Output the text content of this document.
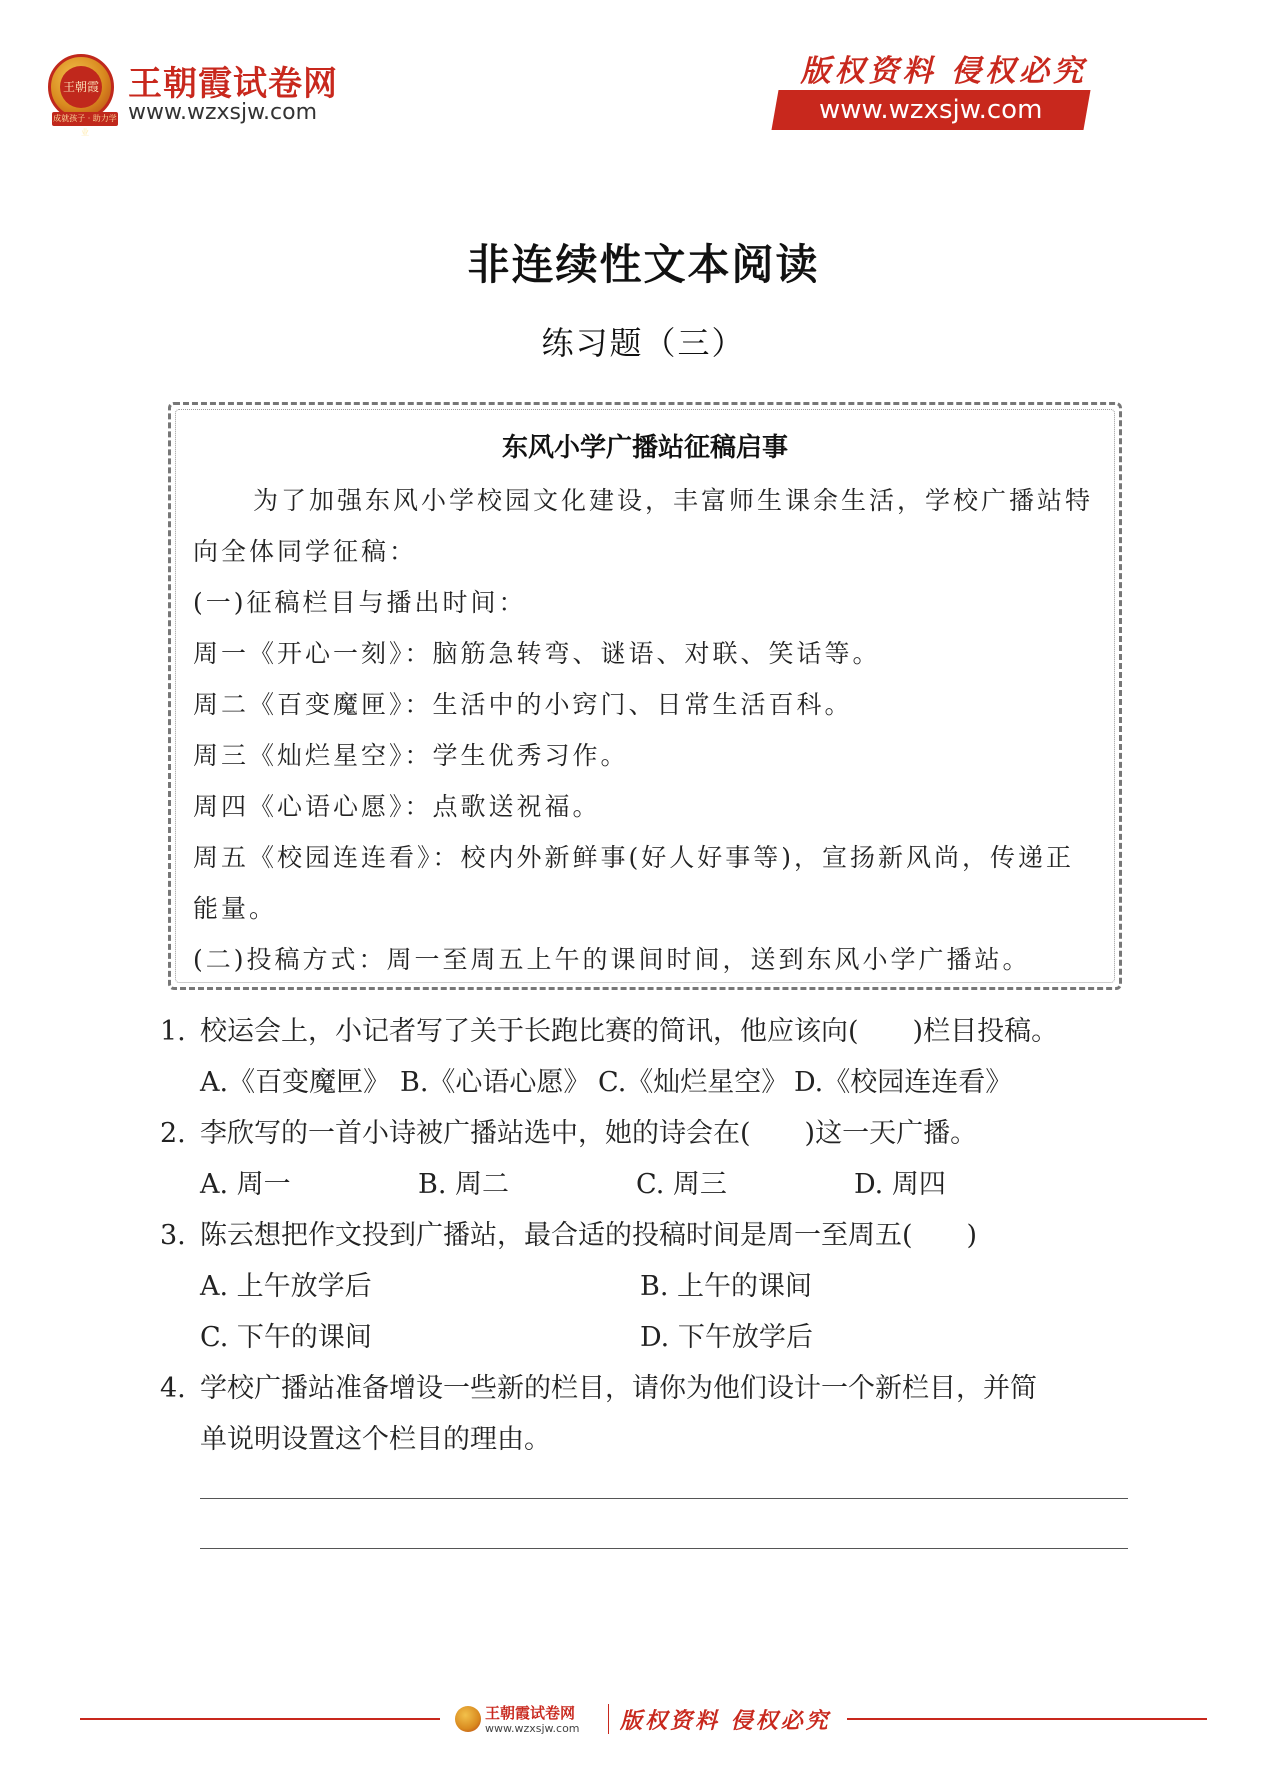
王朝霞
成就孩子 · 助力学业
王朝霞试卷网
www.wzxsjw.com
版权资料 侵权必究
www.wzxsjw.com
非连续性文本阅读
练习题（三）
东风小学广播站征稿启事

为了加强东风小学校园文化建设，丰富师生课余生活，学校广播站特向全体同学征稿：

(一)征稿栏目与播出时间：

周一《开心一刻》：脑筋急转弯、谜语、对联、笑话等。

周二《百变魔匣》：生活中的小窍门、日常生活百科。

周三《灿烂星空》：学生优秀习作。

周四《心语心愿》：点歌送祝福。

周五《校园连连看》：校内外新鲜事(好人好事等)，宣扬新风尚，传递正能量。

(二)投稿方式：周一至周五上午的课间时间，送到东风小学广播站。

1. 校运会上，小记者写了关于长跑比赛的简讯，他应该向(　　)栏目投稿。
A.《百变魔匣》 B.《心语心愿》 C.《灿烂星空》 D.《校园连连看》
2. 李欣写的一首小诗被广播站选中，她的诗会在(　　)这一天广播。
A. 周一	B. 周二	C. 周三	D. 周四
3. 陈云想把作文投到广播站，最合适的投稿时间是周一至周五(　　)
A. 上午放学后	B. 上午的课间
C. 下午的课间	D. 下午放学后
4. 学校广播站准备增设一些新的栏目，请你为他们设计一个新栏目，并简
单说明设置这个栏目的理由。
王朝霞试卷网
www.wzxsjw.com 版权资料 侵权必究
